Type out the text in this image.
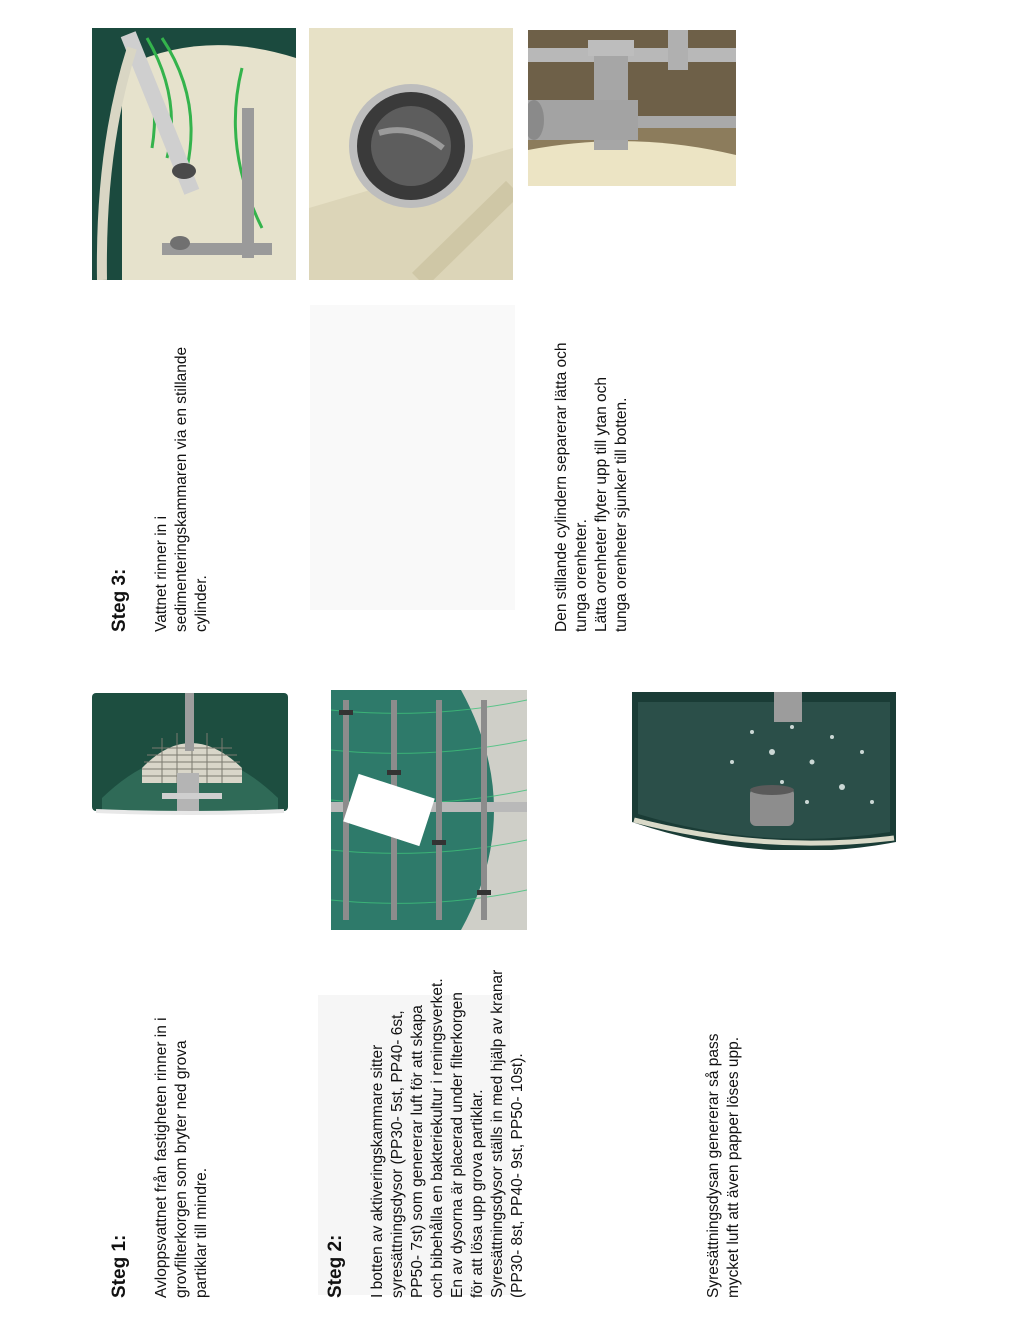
Steg 1: Avloppsvattnet från fastigheten rinner in i
grovfilterkorgen som bryter ned grova
partiklar till mindre.

Steg 2: I botten av aktiveringskammare sitter
syresättningsdysor (PP30- 5st, PP40- 6st,
PP50- 7st) som genererar luft för att skapa
och bibehålla en bakteriekultur i reningsverket.
En av dysorna är placerad under filterkorgen
för att lösa upp grova partiklar.
Syresättningsdysor ställs in med hjälp av kranar
(PP30- 8st, PP40- 9st, PP50- 10st).

Syresättningsdysan genererar så pass
mycket luft att även papper löses upp.

Steg 3: Vattnet rinner in i
sedimenteringskammaren via en stillande
cylinder.	Den stillande cylindern separerar lätta och
tunga orenheter.
Lätta orenheter flyter upp till ytan och
tunga orenheter sjunker till botten.
